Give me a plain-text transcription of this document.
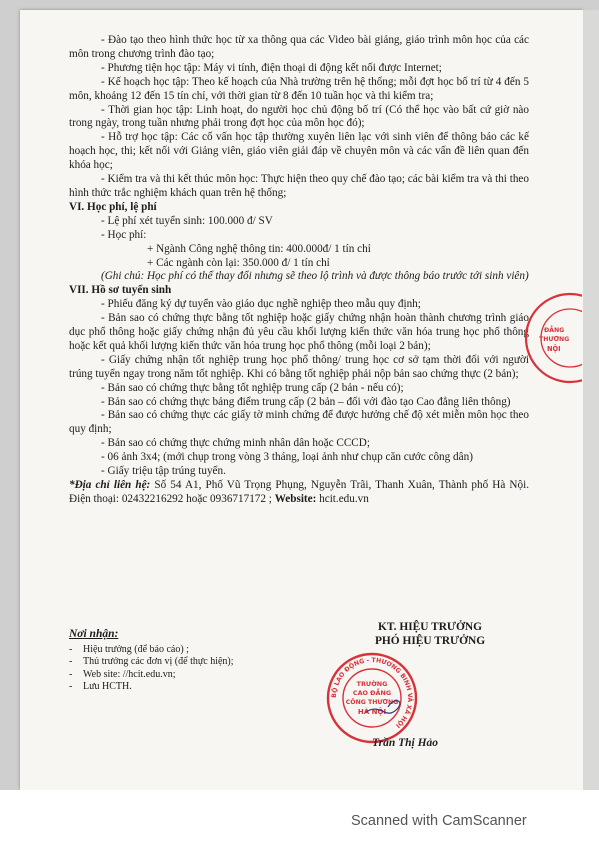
- Đào tạo theo hình thức học từ xa thông qua các Video bài giảng, giáo trình môn học của các môn trong chương trình đào tạo;

- Phương tiện học tập: Máy vi tính, điện thoại di động kết nối được Internet;

- Kế hoạch học tập: Theo kế hoạch của Nhà trường trên hệ thống; mỗi đợt học bố trí từ 4 đến 5 môn, khoảng 12 đến 15 tín chỉ, với thời gian từ 8 đến 10 tuần học và thi kiểm tra;

- Thời gian học tập: Linh hoạt, do người học chủ động bố trí (Có thể học vào bất cứ giờ nào trong ngày, trong tuần nhưng phải trong đợt học của môn học đó);

- Hỗ trợ học tập: Các cố vấn học tập thường xuyên liên lạc với sinh viên để thông báo các kế hoạch học, thi; kết nối với Giảng viên, giáo viên giải đáp về chuyên môn và các vấn đề liên quan đến khóa học;

- Kiểm tra và thi kết thúc môn học: Thực hiện theo quy chế đào tạo; các bài kiểm tra và thi theo hình thức trắc nghiệm khách quan trên hệ thống;

VI. Học phí, lệ phí

- Lệ phí xét tuyển sinh: 100.000 đ/ SV

- Học phí:

+ Ngành Công nghệ thông tin: 400.000đ/ 1 tín chỉ

+ Các ngành còn lại: 350.000 đ/ 1 tín chỉ

(Ghi chú: Học phí có thể thay đổi nhưng sẽ theo lộ trình và được thông báo trước tới sinh viên)

VII. Hồ sơ tuyển sinh

- Phiếu đăng ký dự tuyển vào giáo dục nghề nghiệp theo mẫu quy định;

- Bản sao có chứng thực bằng tốt nghiệp hoặc giấy chứng nhận hoàn thành chương trình giáo dục phổ thông hoặc giấy chứng nhận đủ yêu cầu khối lượng kiến thức văn hóa trung học phổ thông hoặc kết quả khối lượng kiến thức văn hóa trung học phổ thông (mỗi loại 2 bản);

- Giấy chứng nhận tốt nghiệp trung học phổ thông/ trung học cơ sở tạm thời đối với người trúng tuyển ngay trong năm tốt nghiệp. Khi có bằng tốt nghiệp phải nộp bản sao chứng thực (2 bản);

- Bản sao có chứng thực bằng tốt nghiệp trung cấp (2 bản - nếu có);

- Bản sao có chứng thực bảng điểm trung cấp (2 bản – đối với đào tạo Cao đẳng liên thông)

- Bản sao có chứng thực các giấy tờ minh chứng để được hưởng chế độ xét miễn môn học theo quy định;

- Bản sao có chứng thực chứng minh nhân dân hoặc CCCD;

- 06 ảnh 3x4; (mới chụp trong vòng 3 tháng, loại ảnh như chụp căn cước công dân)

- Giấy triệu tập trúng tuyển.

*Địa chỉ liên hệ: Số 54 A1, Phố Vũ Trọng Phụng, Nguyễn Trãi, Thanh Xuân, Thành phố Hà Nội. Điện thoại: 02432216292 hoặc 0936717172 ; Website: hcit.edu.vn

Nơi nhận:
-	Hiệu trưởng (để báo cáo) ;
-	Thủ trưởng các đơn vị (để thực hiện);
-	Web site: //hcit.edu.vn;
-	Lưu HCTH.
KT. HIỆU TRƯỞNG
PHÓ HIỆU TRƯỞNG
BỘ LAO ĐỘNG - THƯƠNG BINH VÀ XÃ HỘI
TRƯỜNG
CAO ĐẲNG
CÔNG THƯƠNG
HÀ NỘI
ĐẲNG
THƯƠNG
NỘI
Trần Thị Hảo
Scanned with CamScanner
